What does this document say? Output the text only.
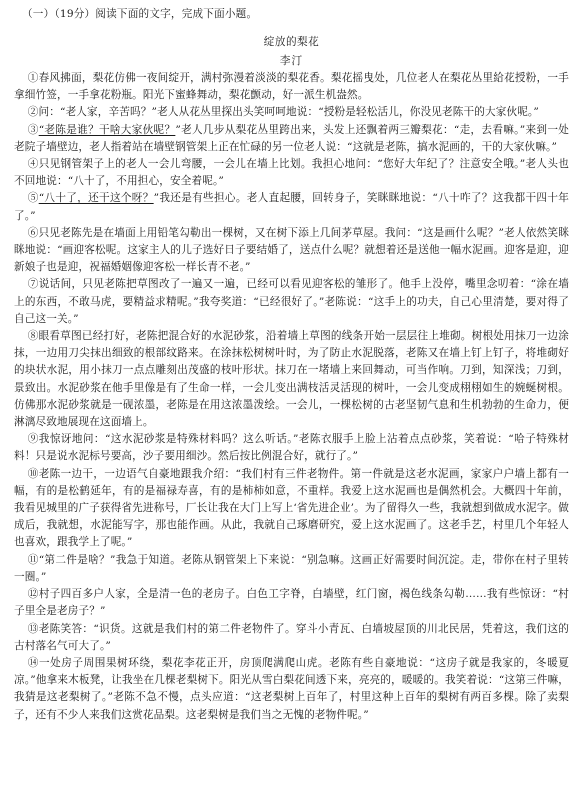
（一）（19分）阅读下面的文字，完成下面小题。
绽放的梨花
李汀

①春风拂面，梨花仿佛一夜间绽开，满村弥漫着淡淡的梨花香。梨花摇曳处，几位老人在梨花丛里給花授粉，一手拿细竹签，一手拿花粉瓶。阳光下蜜蜂舞动，梨花颤动，好一派生机盎然。

②问：“老人家，辛苦吗？”老人从花丛里探出头笑呵呵地说：“授粉是轻松活儿，你没见老陈干的大家伙呢。”

③“老陈是谁？干啥大家伙呢？”老人几步从梨花丛里跨出来，头发上还飘着两三瓣梨花：“走，去看嘛。”来到一处老院子墙壁边，老人指着站在墙壁钢管架上正在忙碌的另一位老人说：“这就是老陈，搞水泥画的，干的大家伙嘛。”

④只见钢管架子上的老人一会儿弯腰，一会儿在墙上比划。我担心地问：“您好大年纪了？注意安全哦。”老人头也不回地说：“八十了，不用担心，安全着呢。”

⑤“八十了，还干这个呀？”我还是有些担心。老人直起腰，回转身子，笑眯眯地说：“八十咋了？这我都干四十年了。”

⑥只见老陈先是在墙面上用铅笔勾勒出一棵树，又在树下添上几间茅草屋。我问：“这是画什么呢？”老人依然笑眯眯地说：“画迎客松呢。这家主人的儿子选好日子要结婚了，送点什么呢？就想着还是送他一幅水泥画。迎客是迎，迎新娘子也是迎，祝福婚姻像迎客松一样长青不老。”

⑦说话间，只见老陈把草图改了一遍又一遍，已经可以看见迎客松的雏形了。他手上没停，嘴里念叨着：“涂在墙上的东西，不敢马虎，要精益求精呢。”我夸奖道：“已经很好了。”老陈说：“这手上的功夫，自己心里清楚，要对得了自己这一关。”

⑧眼看草图已经打好，老陈把混合好的水泥砂浆，沿着墙上草图的线条开始一层层往上堆砌。树根处用抹刀一边涂抹，一边用刀尖抹出细致的根部纹路来。在涂抹松树树叶时，为了防止水泥脱落，老陈又在墙上钉上钉子，将堆砌好的块状水泥，用小抹刀一点点雕刻出茂盛的枝叶形状。抹刀在一堵墙上来回舞动，可当作响。刀到，知深浅；刀到，景致出。水泥砂浆在他手里像是有了生命一样，一会儿变出满枝活灵活现的树叶，一会儿变成栩栩如生的婉蜒树根。仿佛那水泥砂浆就是一砚浓墨，老陈是在用这浓墨泼绘。一会儿，一棵松树的古老坚韧气息和生机勃勃的生命力，便淋漓尽致地展现在这面墙上。

⑨我惊讶地问：“这水泥砂浆是特殊材料吗？这么听话。”老陈衣服手上脸上沾着点点砂浆，笑着说：“哈子特殊材料！只是说水泥标号要高，沙子要用细沙。然后按比例混合好，就行了。”

⑩老陈一边干，一边语气自豪地跟我介绍：“我们村有三件老物件。第一件就是这老水泥画，家家户户墙上都有一幅，有的是松鹤延年，有的是福禄寿喜，有的是柿柿如意，不重样。我爱上这水泥画也是偶然机会。大概四十年前，我看见城里的广子获得省先进称号，厂长让我在大门上写上‘省先进企业’。为了留得久一些，我就想到做成水泥字。做成后，我就想，水泥能写字，那也能作画。从此，我就自己琢磨研究，爱上这水泥画了。这老手艺，村里几个年轻人也喜欢，跟我学上了呢。”

⑪“第二件是啥？”我急于知道。老陈从钢管架上下来说：“别急嘛。这画正好需要时间沉淀。走，带你在村子里转一圈。”

⑫村子四百多户人家，全是清一色的老房子。白色工字脊，白墙壁，红门窗，褐色线条勾勒……我有些惊讶：“村子里全是老房子？”

⑬老陈笑答：“识货。这就是我们村的第二件老物件了。穿斗小青瓦、白墙坡屋顶的川北民居，凭着这，我们这的古村落名气可大了。”

⑭一处房子周围果树环绕，梨花李花正开，房顶爬满爬山虎。老陈有些自豪地说：“这房子就是我家的，冬暖夏凉。”他拿来木板凳，让我坐在几棵老梨树下。阳光从雪白梨花间透下来，亮亮的，暖暖的。我笑着说：“这第三件嘛，我猜是这老梨树了。”老陈不急不慢，点头应道：“这老梨树上百年了，村里这种上百年的梨树有两百多棵。除了卖梨子，还有不少人来我们这赏花品梨。这老梨树是我们当之无愧的老物件呢。”
